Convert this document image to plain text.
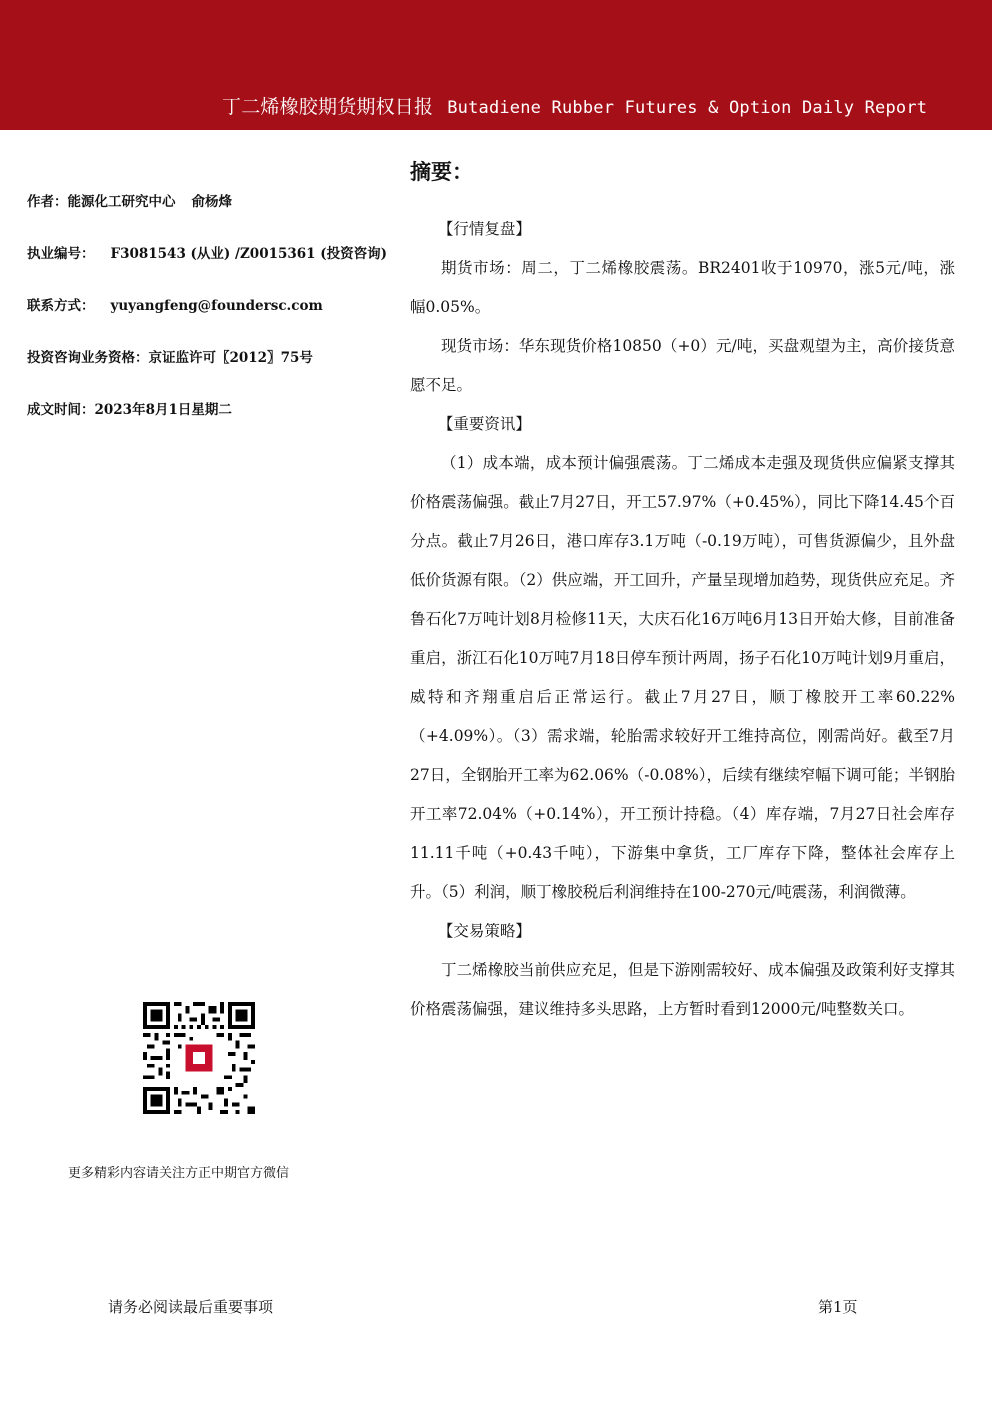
丁二烯橡胶期货期权日报 Butadiene Rubber Futures & Option Daily Report
作者：能源化工研究中心 俞杨烽
执业编号： F3081543 (从业) /Z0015361 (投资咨询)
联系方式： yuyangfeng@foundersc.com
投资咨询业务资格：京证监许可〖2012〗75号
成文时间：2023年8月1日星期二
更多精彩内容请关注方正中期官方微信
摘要：

【行情复盘】

期货市场：周二，丁二烯橡胶震荡。BR2401收于10970，涨5元/吨，涨幅0.05%。

现货市场：华东现货价格10850（+0）元/吨，买盘观望为主，高价接货意愿不足。

【重要资讯】

（1）成本端，成本预计偏强震荡。丁二烯成本走强及现货供应偏紧支撑其价格震荡偏强。截止7月27日，开工57.97%（+0.45%），同比下降14.45个百分点。截止7月26日，港口库存3.1万吨（-0.19万吨），可售货源偏少，且外盘低价货源有限。（2）供应端，开工回升，产量呈现增加趋势，现货供应充足。齐鲁石化7万吨计划8月检修11天，大庆石化16万吨6月13日开始大修，目前准备重启，浙江石化10万吨7月18日停车预计两周，扬子石化10万吨计划9月重启，威特和齐翔重启后正常运行。截止7月27日，顺丁橡胶开工率60.22%（+4.09%）。（3）需求端，轮胎需求较好开工维持高位，刚需尚好。截至7月27日，全钢胎开工率为62.06%（-0.08%），后续有继续窄幅下调可能；半钢胎开工率72.04%（+0.14%），开工预计持稳。（4）库存端，7月27日社会库存11.11千吨（+0.43千吨），下游集中拿货，工厂库存下降，整体社会库存上升。（5）利润，顺丁橡胶税后利润维持在100-270元/吨震荡，利润微薄。

【交易策略】

丁二烯橡胶当前供应充足，但是下游刚需较好、成本偏强及政策利好支撑其价格震荡偏强，建议维持多头思路，上方暂时看到12000元/吨整数关口。

请务必阅读最后重要事项	第1页
